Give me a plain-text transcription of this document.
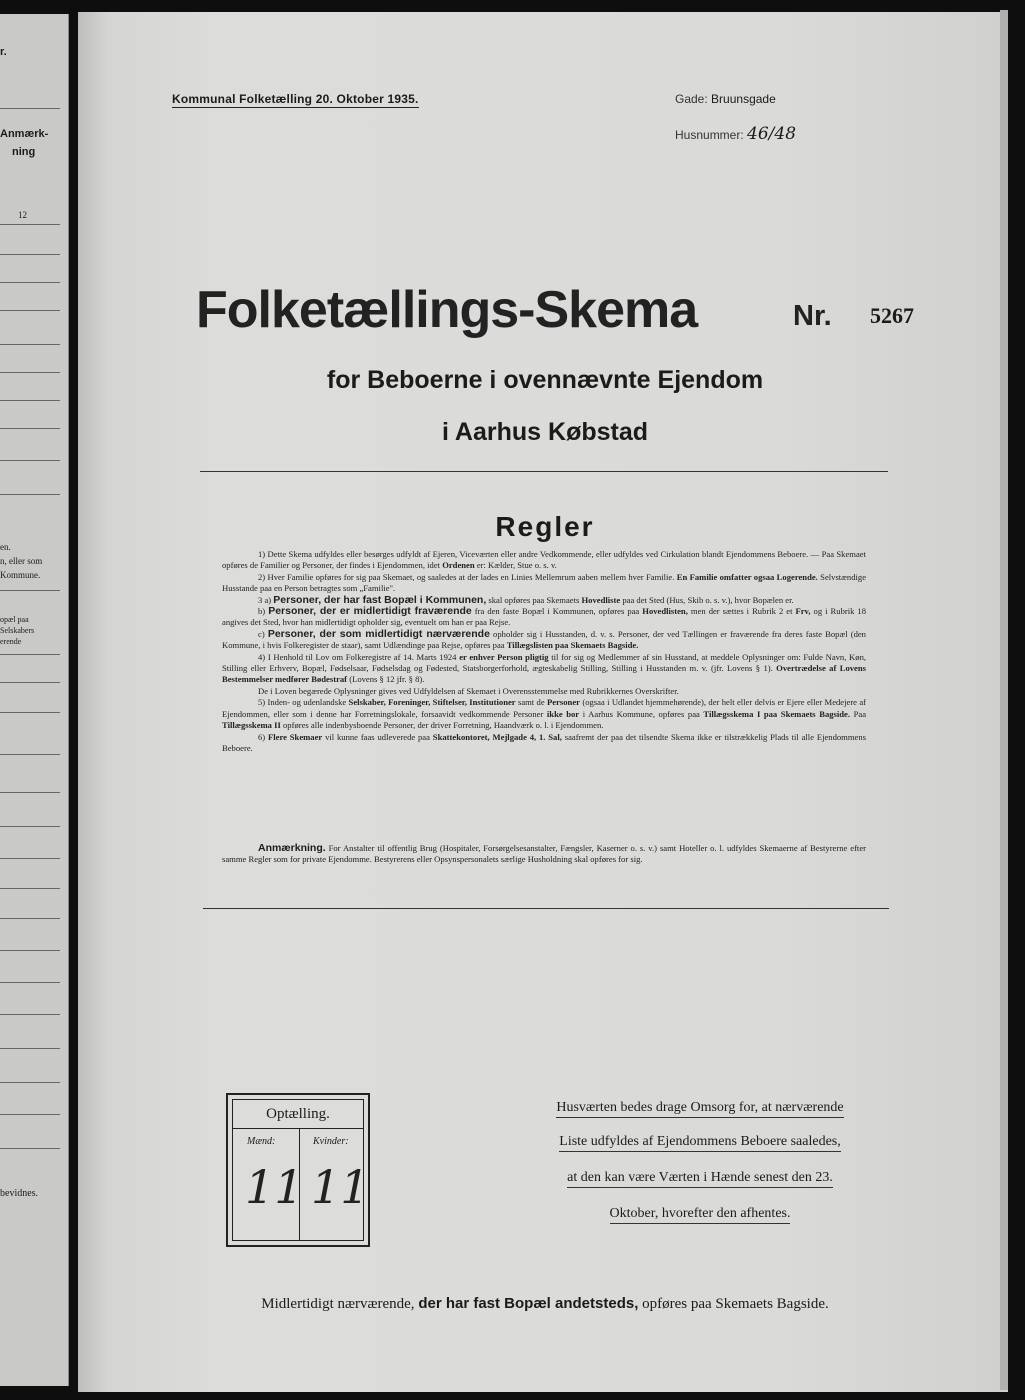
r.
Anmærk-
ning
12
en.
n, eller som
Kommune.
opæl paa
Selskabers
erende
bevidnes.
Kommunal Folketælling 20. Oktober 1935.	Gade: Bruunsgade
Husnummer: 46/48
Folketællings-Skema	Nr. 5267
for Beboerne i ovennævnte Ejendom
i Aarhus Købstad
Regler

1) Dette Skema udfyldes eller besørges udfyldt af Ejeren, Viceværten eller andre Vedkommende, eller udfyldes ved Cirkulation blandt Ejendommens Beboere. — Paa Skemaet opføres de Familier og Personer, der findes i Ejendommen, idet Ordenen er: Kælder, Stue o. s. v.

2) Hver Familie opføres for sig paa Skemaet, og saaledes at der lades en Linies Mellemrum aaben mellem hver Familie. En Familie omfatter ogsaa Logerende. Selvstændige Husstande paa en Person betragtes som „Familie".

3 a) Personer, der har fast Bopæl i Kommunen, skal opføres paa Skemaets Hovedliste paa det Sted (Hus, Skib o. s. v.), hvor Bopælen er.

b) Personer, der er midlertidigt fraværende fra den faste Bopæl i Kommunen, opføres paa Hovedlisten, men der sættes i Rubrik 2 et Frv, og i Rubrik 18 angives det Sted, hvor han midlertidigt opholder sig, eventuelt om han er paa Rejse.

c) Personer, der som midlertidigt nærværende opholder sig i Husstanden, d. v. s. Personer, der ved Tællingen er fraværende fra deres faste Bopæl (den Kommune, i hvis Folkeregister de staar), samt Udlændinge paa Rejse, opføres paa Tillægslisten paa Skemaets Bagside.

4) I Henhold til Lov om Folkeregistre af 14. Marts 1924 er enhver Person pligtig til for sig og Medlemmer af sin Husstand, at meddele Oplysninger om: Fulde Navn, Køn, Stilling eller Erhverv, Bopæl, Fødselsaar, Fødselsdag og Fødested, Statsborgerforhold, ægteskabelig Stilling, Stilling i Husstanden m. v. (jfr. Lovens § 1). Overtrædelse af Lovens Bestemmelser medfører Bødestraf (Lovens § 12 jfr. § 8).

De i Loven begærede Oplysninger gives ved Udfyldelsen af Skemaet i Overensstemmelse med Rubrikkernes Overskrifter.

5) Inden- og udenlandske Selskaber, Foreninger, Stiftelser, Institutioner samt de Personer (ogsaa i Udlandet hjemmehørende), der helt eller delvis er Ejere eller Medejere af Ejendommen, eller som i denne har Forretningslokale, forsaavidt vedkommende Personer ikke bor i Aarhus Kommune, opføres paa Tillægsskema I paa Skemaets Bagside. Paa Tillægsskema II opføres alle indenbysboende Personer, der driver Forretning, Haandværk o. l. i Ejendommen.

6) Flere Skemaer vil kunne faas udleverede paa Skattekontoret, Mejlgade 4, 1. Sal, saafremt der paa det tilsendte Skema ikke er tilstrækkelig Plads til alle Ejendommens Beboere.

Anmærkning. For Anstalter til offentlig Brug (Hospitaler, Forsørgelsesanstalter, Fængsler, Kaserner o. s. v.) samt Hoteller o. l. udfyldes Skemaerne af Bestyrerne efter samme Regler som for private Ejendomme. Bestyrerens eller Opsynspersonalets særlige Husholdning skal opføres for sig.

Optælling.
Mænd:	Kvinder:
11 11
Husværten bedes drage Omsorg for, at nærværende
Liste udfyldes af Ejendommens Beboere saaledes,
at den kan være Værten i Hænde senest den 23.
Oktober, hvorefter den afhentes.
Midlertidigt nærværende, der har fast Bopæl andetsteds, opføres paa Skemaets Bagside.
